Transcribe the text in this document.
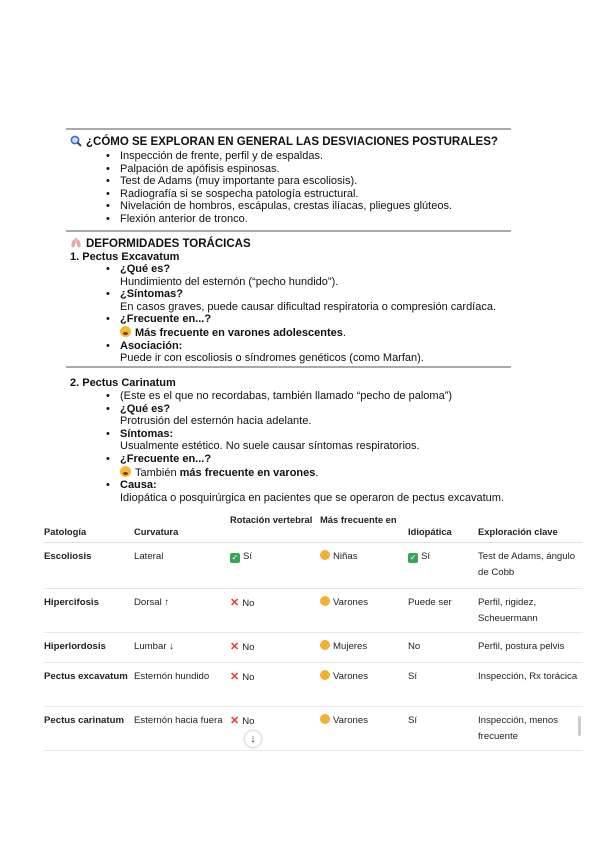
¿CÓMO SE EXPLORAN EN GENERAL LAS DESVIACIONES POSTURALES?
• Inspección de frente, perfil y de espaldas.
• Palpación de apófisis espinosas.
• Test de Adams (muy importante para escoliosis).
• Radiografía si se sospecha patología estructural.
• Nivelación de hombros, escápulas, crestas ilíacas, pliegues glúteos.
• Flexión anterior de tronco.
DEFORMIDADES TORÁCICAS
1. Pectus Excavatum
• ¿Qué es?
Hundimiento del esternón (“pecho hundido”).
• ¿Síntomas?
En casos graves, puede causar dificultad respiratoria o compresión cardíaca.
• ¿Frecuente en...?
Más frecuente en varones adolescentes.
• Asociación:
Puede ir con escoliosis o síndromes genéticos (como Marfan).
2. Pectus Carinatum
• (Este es el que no recordabas, también llamado “pecho de paloma”)
• ¿Qué es?
Protrusión del esternón hacia adelante.
• Síntomas:
Usualmente estético. No suele causar síntomas respiratorios.
• ¿Frecuente en...?
También más frecuente en varones.
• Causa:
Idiopática o posquirúrgica en pacientes que se operaron de pectus excavatum.
Patología	Curvatura	Rotación vertebral	Más frecuente en	Idiopática	Exploración clave

Escoliosis	Lateral	✓ Sí	Niñas	✓ Sí	Test de Adams, ángulo de Cobb

Hipercifosis	Dorsal ↑	✕ No	Varones	Puede ser	Perfil, rigidez, Scheuermann

Hiperlordosis	Lumbar ↓	✕ No	Mujeres	No	Perfil, postura pelvis

Pectus excavatum	Esternón hundido	✕ No	Varones	Sí	Inspección, Rx torácica

Pectus carinatum	Esternón hacia fuera	✕ No	Varones	Sí	Inspección, menos frecuente
↓
